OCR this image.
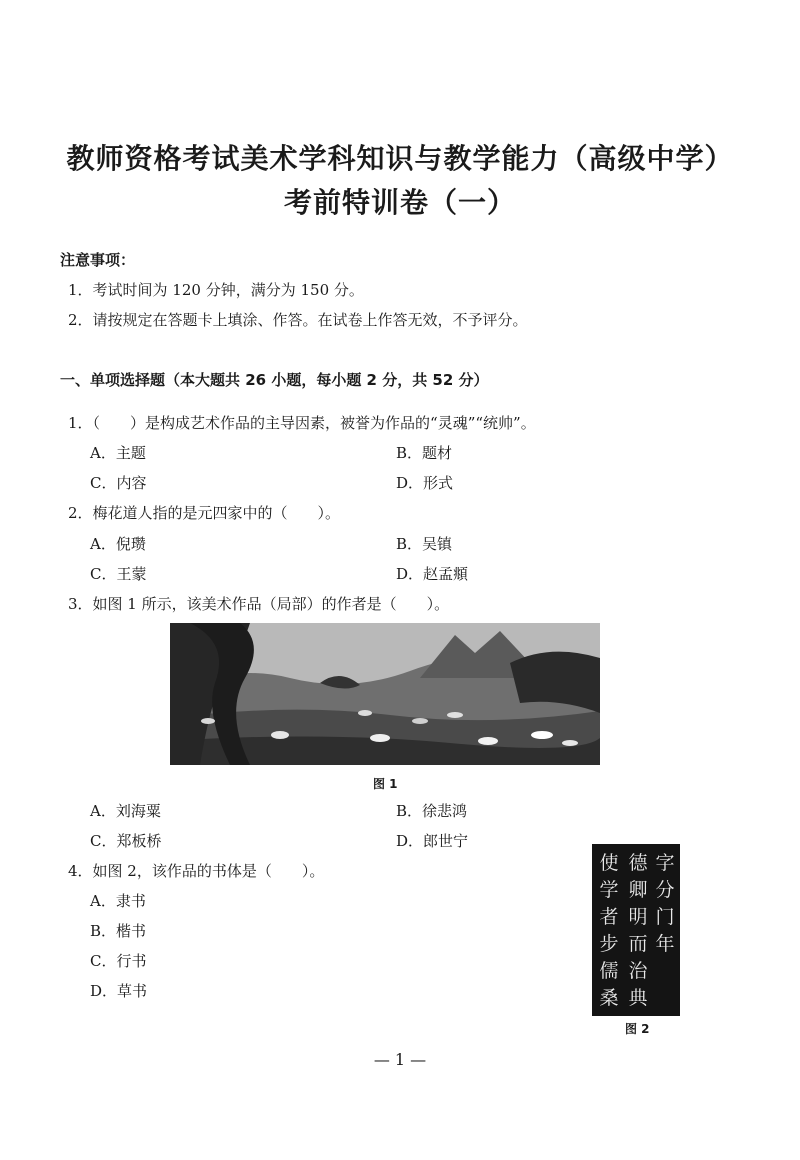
教师资格考试美术学科知识与教学能力（高级中学）
考前特训卷（一）
注意事项：
1．考试时间为 120 分钟，满分为 150 分。
2．请按规定在答题卡上填涂、作答。在试卷上作答无效，不予评分。
一、单项选择题（本大题共 26 小题，每小题 2 分，共 52 分）
1．（　　）是构成艺术作品的主导因素，被誉为作品的“灵魂”“统帅”。
A．主题	B．题材
C．内容	D．形式
2．梅花道人指的是元四家中的（　　）。
A．倪瓒	B．吴镇
C．王蒙	D．赵孟頫
3．如图 1 所示，该美术作品（局部）的作者是（　　）。
图 1
A．刘海粟	B．徐悲鸿
C．郑板桥	D．郎世宁
4．如图 2，该作品的书体是（　　）。
A．隶书
B．楷书
C．行书
D．草书
字
分
门
年
德
卿
明
而
治
典
使
学
者
步
儒
桑
图 2
— 1 —
